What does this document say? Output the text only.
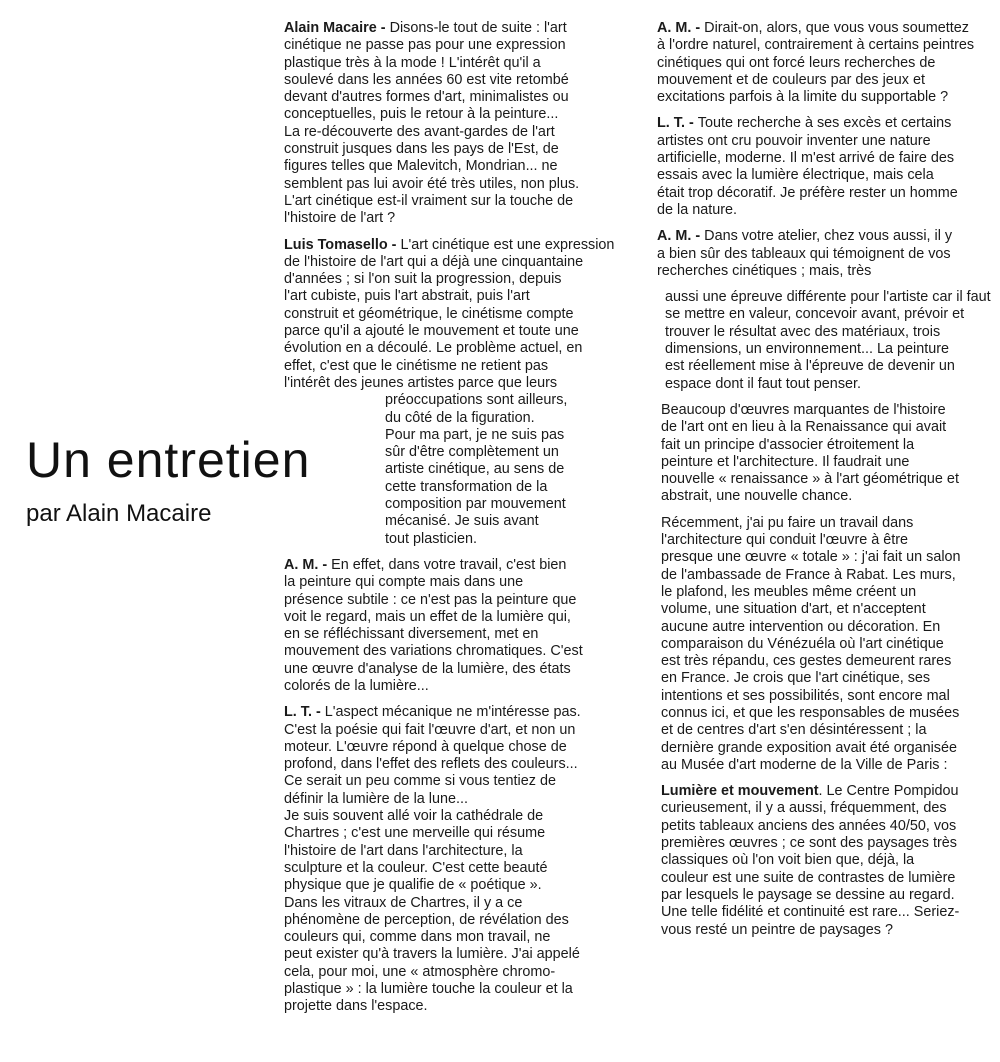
Alain Macaire - Disons-le tout de suite : l'art
cinétique ne passe pas pour une expression
plastique très à la mode ! L'intérêt qu'il a
soulevé dans les années 60 est vite retombé
devant d'autres formes d'art, minimalistes ou
conceptuelles, puis le retour à la peinture...
La re-découverte des avant-gardes de l'art
construit jusques dans les pays de l'Est, de
figures telles que Malevitch, Mondrian... ne
semblent pas lui avoir été très utiles, non plus.
L'art cinétique est-il vraiment sur la touche de
l'histoire de l'art ?
Luis Tomasello - L'art cinétique est une expression
de l'histoire de l'art qui a déjà une cinquantaine
d'années ; si l'on suit la progression, depuis
l'art cubiste, puis l'art abstrait, puis l'art
construit et géométrique, le cinétisme compte
parce qu'il a ajouté le mouvement et toute une
évolution en a découlé. Le problème actuel, en
effet, c'est que le cinétisme ne retient pas
l'intérêt des jeunes artistes parce que leurs
préoccupations sont ailleurs,
du côté de la figuration.
Pour ma part, je ne suis pas
sûr d'être complètement un
artiste cinétique, au sens de
cette transformation de la
composition par mouvement
mécanisé. Je suis avant
tout plasticien.
A. M. - En effet, dans votre travail, c'est bien
la peinture qui compte mais dans une
présence subtile : ce n'est pas la peinture que
voit le regard, mais un effet de la lumière qui,
en se réfléchissant diversement, met en
mouvement des variations chromatiques. C'est
une œuvre d'analyse de la lumière, des états
colorés de la lumière...
L. T. - L'aspect mécanique ne m'intéresse pas.
C'est la poésie qui fait l'œuvre d'art, et non un
moteur. L'œuvre répond à quelque chose de
profond, dans l'effet des reflets des couleurs...
Ce serait un peu comme si vous tentiez de
définir la lumière de la lune...
Je suis souvent allé voir la cathédrale de
Chartres ; c'est une merveille qui résume
l'histoire de l'art dans l'architecture, la
sculpture et la couleur. C'est cette beauté
physique que je qualifie de « poétique ».
Dans les vitraux de Chartres, il y a ce
phénomène de perception, de révélation des
couleurs qui, comme dans mon travail, ne
peut exister qu'à travers la lumière. J'ai appelé
cela, pour moi, une « atmosphère chromo-
plastique » : la lumière touche la couleur et la
projette dans l'espace.
A. M. - Dirait-on, alors, que vous vous soumettez
à l'ordre naturel, contrairement à certains peintres
cinétiques qui ont forcé leurs recherches de
mouvement et de couleurs par des jeux et
excitations parfois à la limite du supportable ?
L. T. - Toute recherche à ses excès et certains
artistes ont cru pouvoir inventer une nature
artificielle, moderne. Il m'est arrivé de faire des
essais avec la lumière électrique, mais cela
était trop décoratif. Je préfère rester un homme
de la nature.
A. M. - Dans votre atelier, chez vous aussi, il y
a bien sûr des tableaux qui témoignent de vos
recherches cinétiques ; mais, très
aussi une épreuve différente pour l'artiste car il faut
se mettre en valeur, concevoir avant, prévoir et
trouver le résultat avec des matériaux, trois
dimensions, un environnement... La peinture
est réellement mise à l'épreuve de devenir un
espace dont il faut tout penser.
Beaucoup d'œuvres marquantes de l'histoire
de l'art ont en lieu à la Renaissance qui avait
fait un principe d'associer étroitement la
peinture et l'architecture. Il faudrait une
nouvelle « renaissance » à l'art géométrique et
abstrait, une nouvelle chance.
Récemment, j'ai pu faire un travail dans
l'architecture qui conduit l'œuvre à être
presque une œuvre « totale » : j'ai fait un salon
de l'ambassade de France à Rabat. Les murs,
le plafond, les meubles même créent un
volume, une situation d'art, et n'acceptent
aucune autre intervention ou décoration. En
comparaison du Vénézuéla où l'art cinétique
est très répandu, ces gestes demeurent rares
en France. Je crois que l'art cinétique, ses
intentions et ses possibilités, sont encore mal
connus ici, et que les responsables de musées
et de centres d'art s'en désintéressent ; la
dernière grande exposition avait été organisée
au Musée d'art moderne de la Ville de Paris :
Lumière et mouvement. Le Centre Pompidou
curieusement, il y a aussi, fréquemment, des
petits tableaux anciens des années 40/50, vos
premières œuvres ; ce sont des paysages très
classiques où l'on voit bien que, déjà, la
couleur est une suite de contrastes de lumière
par lesquels le paysage se dessine au regard.
Une telle fidélité et continuité est rare... Seriez-
vous resté un peintre de paysages ?
Un entretien
par Alain Macaire
